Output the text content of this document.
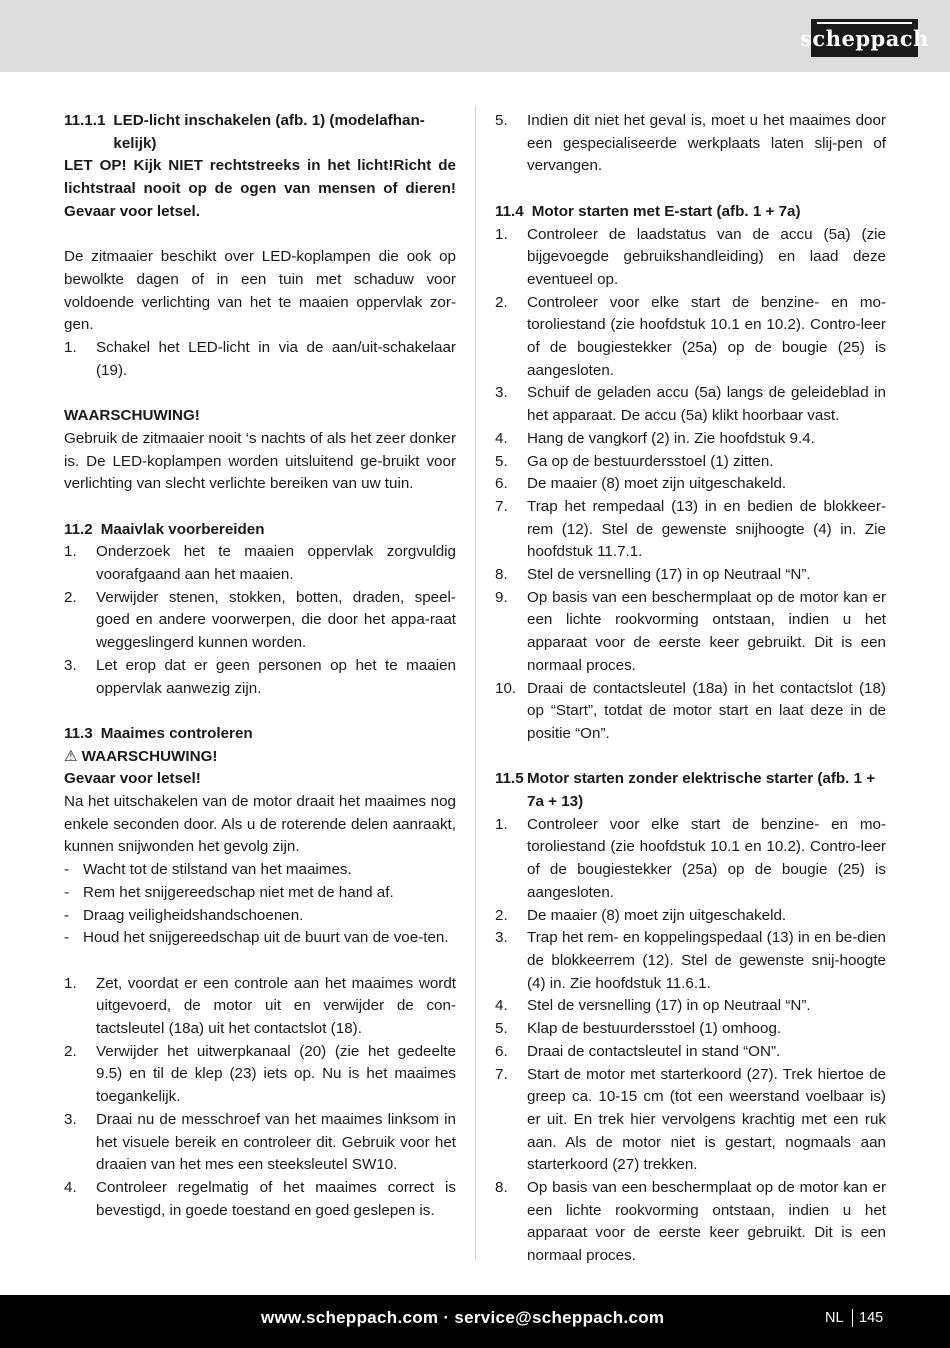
scheppach
11.1.1 LED-licht inschakelen (afb. 1) (modelafhan-kelijk)

LET OP! Kijk NIET rechtstreeks in het licht!Richt de lichtstraal nooit op de ogen van mensen of dieren! Gevaar voor letsel.

De zitmaaier beschikt over LED-koplampen die ook op bewolkte dagen of in een tuin met schaduw voor voldoende verlichting van het te maaien oppervlak zor-gen.

1.	Schakel het LED-licht in via de aan/uit-schakelaar (19).

WAARSCHUWING!

Gebruik de zitmaaier nooit ‘s nachts of als het zeer donker is. De LED-koplampen worden uitsluitend ge-bruikt voor verlichting van slecht verlichte bereiken van uw tuin.

11.2 Maaivlak voorbereiden
1.	Onderzoek het te maaien oppervlak zorgvuldig voorafgaand aan het maaien.
2.	Verwijder stenen, stokken, botten, draden, speel-goed en andere voorwerpen, die door het appa-raat weggeslingerd kunnen worden.
3.	Let erop dat er geen personen op het te maaien oppervlak aanwezig zijn.
11.3 Maaimes controleren

⚠ WAARSCHUWING!

Gevaar voor letsel!

Na het uitschakelen van de motor draait het maaimes nog enkele seconden door. Als u de roterende delen aanraakt, kunnen snijwonden het gevolg zijn.

- Wacht tot de stilstand van het maaimes.
- Rem het snijgereedschap niet met de hand af.
- Draag veiligheidshandschoenen.
- Houd het snijgereedschap uit de buurt van de voe-ten.
1.	Zet, voordat er een controle aan het maaimes wordt uitgevoerd, de motor uit en verwijder de con-tactsleutel (18a) uit het contactslot (18).
2.	Verwijder het uitwerpkanaal (20) (zie het gedeelte 9.5) en til de klep (23) iets op. Nu is het maaimes toegankelijk.
3.	Draai nu de messchroef van het maaimes linksom in het visuele bereik en controleer dit. Gebruik voor het draaien van het mes een steeksleutel SW10.
4.	Controleer regelmatig of het maaimes correct is bevestigd, in goede toestand en goed geslepen is.
5.	Indien dit niet het geval is, moet u het maaimes door een gespecialiseerde werkplaats laten slij-pen of vervangen.
11.4 Motor starten met E-start (afb. 1 + 7a)
1.	Controleer de laadstatus van de accu (5a) (zie bijgevoegde gebruikshandleiding) en laad deze eventueel op.
2.	Controleer voor elke start de benzine- en mo-toroliestand (zie hoofdstuk 10.1 en 10.2). Contro-leer of de bougiestekker (25a) op de bougie (25) is aangesloten.
3.	Schuif de geladen accu (5a) langs de geleideblad in het apparaat. De accu (5a) klikt hoorbaar vast.
4.	Hang de vangkorf (2) in. Zie hoofdstuk 9.4.
5.	Ga op de bestuurdersstoel (1) zitten.
6.	De maaier (8) moet zijn uitgeschakeld.
7.	Trap het rempedaal (13) in en bedien de blokkeer-rem (12). Stel de gewenste snijhoogte (4) in. Zie hoofdstuk 11.7.1.
8.	Stel de versnelling (17) in op Neutraal “N”.
9.	Op basis van een beschermplaat op de motor kan er een lichte rookvorming ontstaan, indien u het apparaat voor de eerste keer gebruikt. Dit is een normaal proces.
10. Draai de contactsleutel (18a) in het contactslot (18) op “Start”, totdat de motor start en laat deze in de positie “On”.
11.5 Motor starten zonder elektrische starter (afb. 1 + 7a + 13)
1.	Controleer voor elke start de benzine- en mo-toroliestand (zie hoofdstuk 10.1 en 10.2). Contro-leer of de bougiestekker (25a) op de bougie (25) is aangesloten.
2.	De maaier (8) moet zijn uitgeschakeld.
3.	Trap het rem- en koppelingspedaal (13) in en be-dien de blokkeerrem (12). Stel de gewenste snij-hoogte (4) in. Zie hoofdstuk 11.6.1.
4.	Stel de versnelling (17) in op Neutraal “N”.
5.	Klap de bestuurdersstoel (1) omhoog.
6.	Draai de contactsleutel in stand “ON”.
7.	Start de motor met starterkoord (27). Trek hiertoe de greep ca. 10-15 cm (tot een weerstand voelbaar is) er uit. En trek hier vervolgens krachtig met een ruk aan. Als de motor niet is gestart, nogmaals aan starterkoord (27) trekken.
8.	Op basis van een beschermplaat op de motor kan er een lichte rookvorming ontstaan, indien u het apparaat voor de eerste keer gebruikt. Dit is een normaal proces.
www.scheppach.com · service@scheppach.com	NL 145
